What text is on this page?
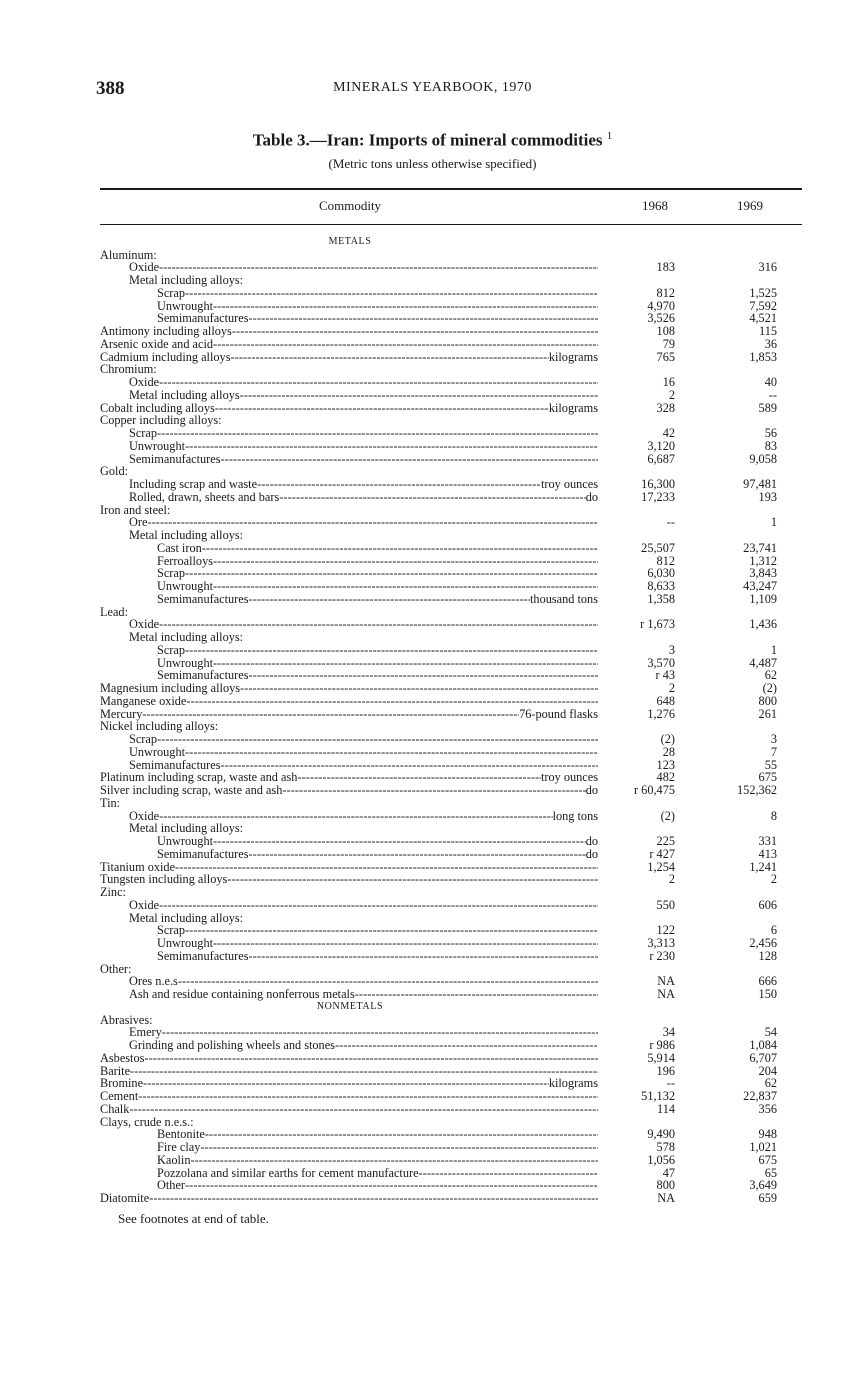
388	MINERALS YEARBOOK, 1970
Table 3.—Iran: Imports of mineral commodities $^1$
(Metric tons unless otherwise specified)
Commodity	1968	1969
METALS
Aluminum:
Oxide - - -	183	316
Metal including alloys:
Scrap - - -	812	1,525
Unwrought - - -	4,970	7,592
Semimanufactures - - -	3,526	4,521
Antimony including alloys - - -	108	115
Arsenic oxide and acid - - -	79	36
Cadmium including alloys - - -	kilograms	765	1,853
Chromium:
Oxide - - -	16	40
Metal including alloys - - -	2	--
Cobalt including alloys - - -	kilograms	328	589
Copper including alloys:
Scrap - - -	42	56
Unwrought - - -	3,120	83
Semimanufactures - - -	6,687	9,058
Gold:
Including scrap and waste - - -	troy ounces	16,300	97,481
Rolled, drawn, sheets and bars - - -	do	17,233	193
Iron and steel:
Ore - - -	--	1
Metal including alloys:
Cast iron - - -	25,507	23,741
Ferroalloys - - -	812	1,312
Scrap - - -	6,030	3,843
Unwrought - - -	8,633	43,247
Semimanufactures - - -	thousand tons	1,358	1,109
Lead:
Oxide - - -	r 1,673	1,436
Metal including alloys:
Scrap - - -	3	1
Unwrought - - -	3,570	4,487
Semimanufactures - - -	r 43	62
Magnesium including alloys - - -	2	(2)
Manganese oxide - - -	648	800
Mercury - - -	76-pound flasks	1,276	261
Nickel including alloys:
Scrap - - -	(2)	3
Unwrought - - -	28	7
Semimanufactures - - -	123	55
Platinum including scrap, waste and ash - - -	troy ounces	482	675
Silver including scrap, waste and ash - - -	do	r 60,475	152,362
Tin:
Oxide - - -	long tons	(2)	8
Metal including alloys:
Unwrought - - -	do	225	331
Semimanufactures - - -	do	r 427	413
Titanium oxide - - -	1,254	1,241
Tungsten including alloys - - -	2	2
Zinc:
Oxide - - -	550	606
Metal including alloys:
Scrap - - -	122	6
Unwrought - - -	3,313	2,456
Semimanufactures - - -	r 230	128
Other:
Ores n.e.s - - -	NA	666
Ash and residue containing nonferrous metals - - -	NA	150
NONMETALS
Abrasives:
Emery - - -	34	54
Grinding and polishing wheels and stones - - -	r 986	1,084
Asbestos - - -	5,914	6,707
Barite - - -	196	204
Bromine - - -	kilograms	--	62
Cement - - -	51,132	22,837
Chalk - - -	114	356
Clays, crude n.e.s.:
Bentonite - - -	9,490	948
Fire clay - - -	578	1,021
Kaolin - - -	1,056	675
Pozzolana and similar earths for cement manufacture - - -	47	65
Other - - -	800	3,649
Diatomite - - -	NA	659
See footnotes at end of table.
